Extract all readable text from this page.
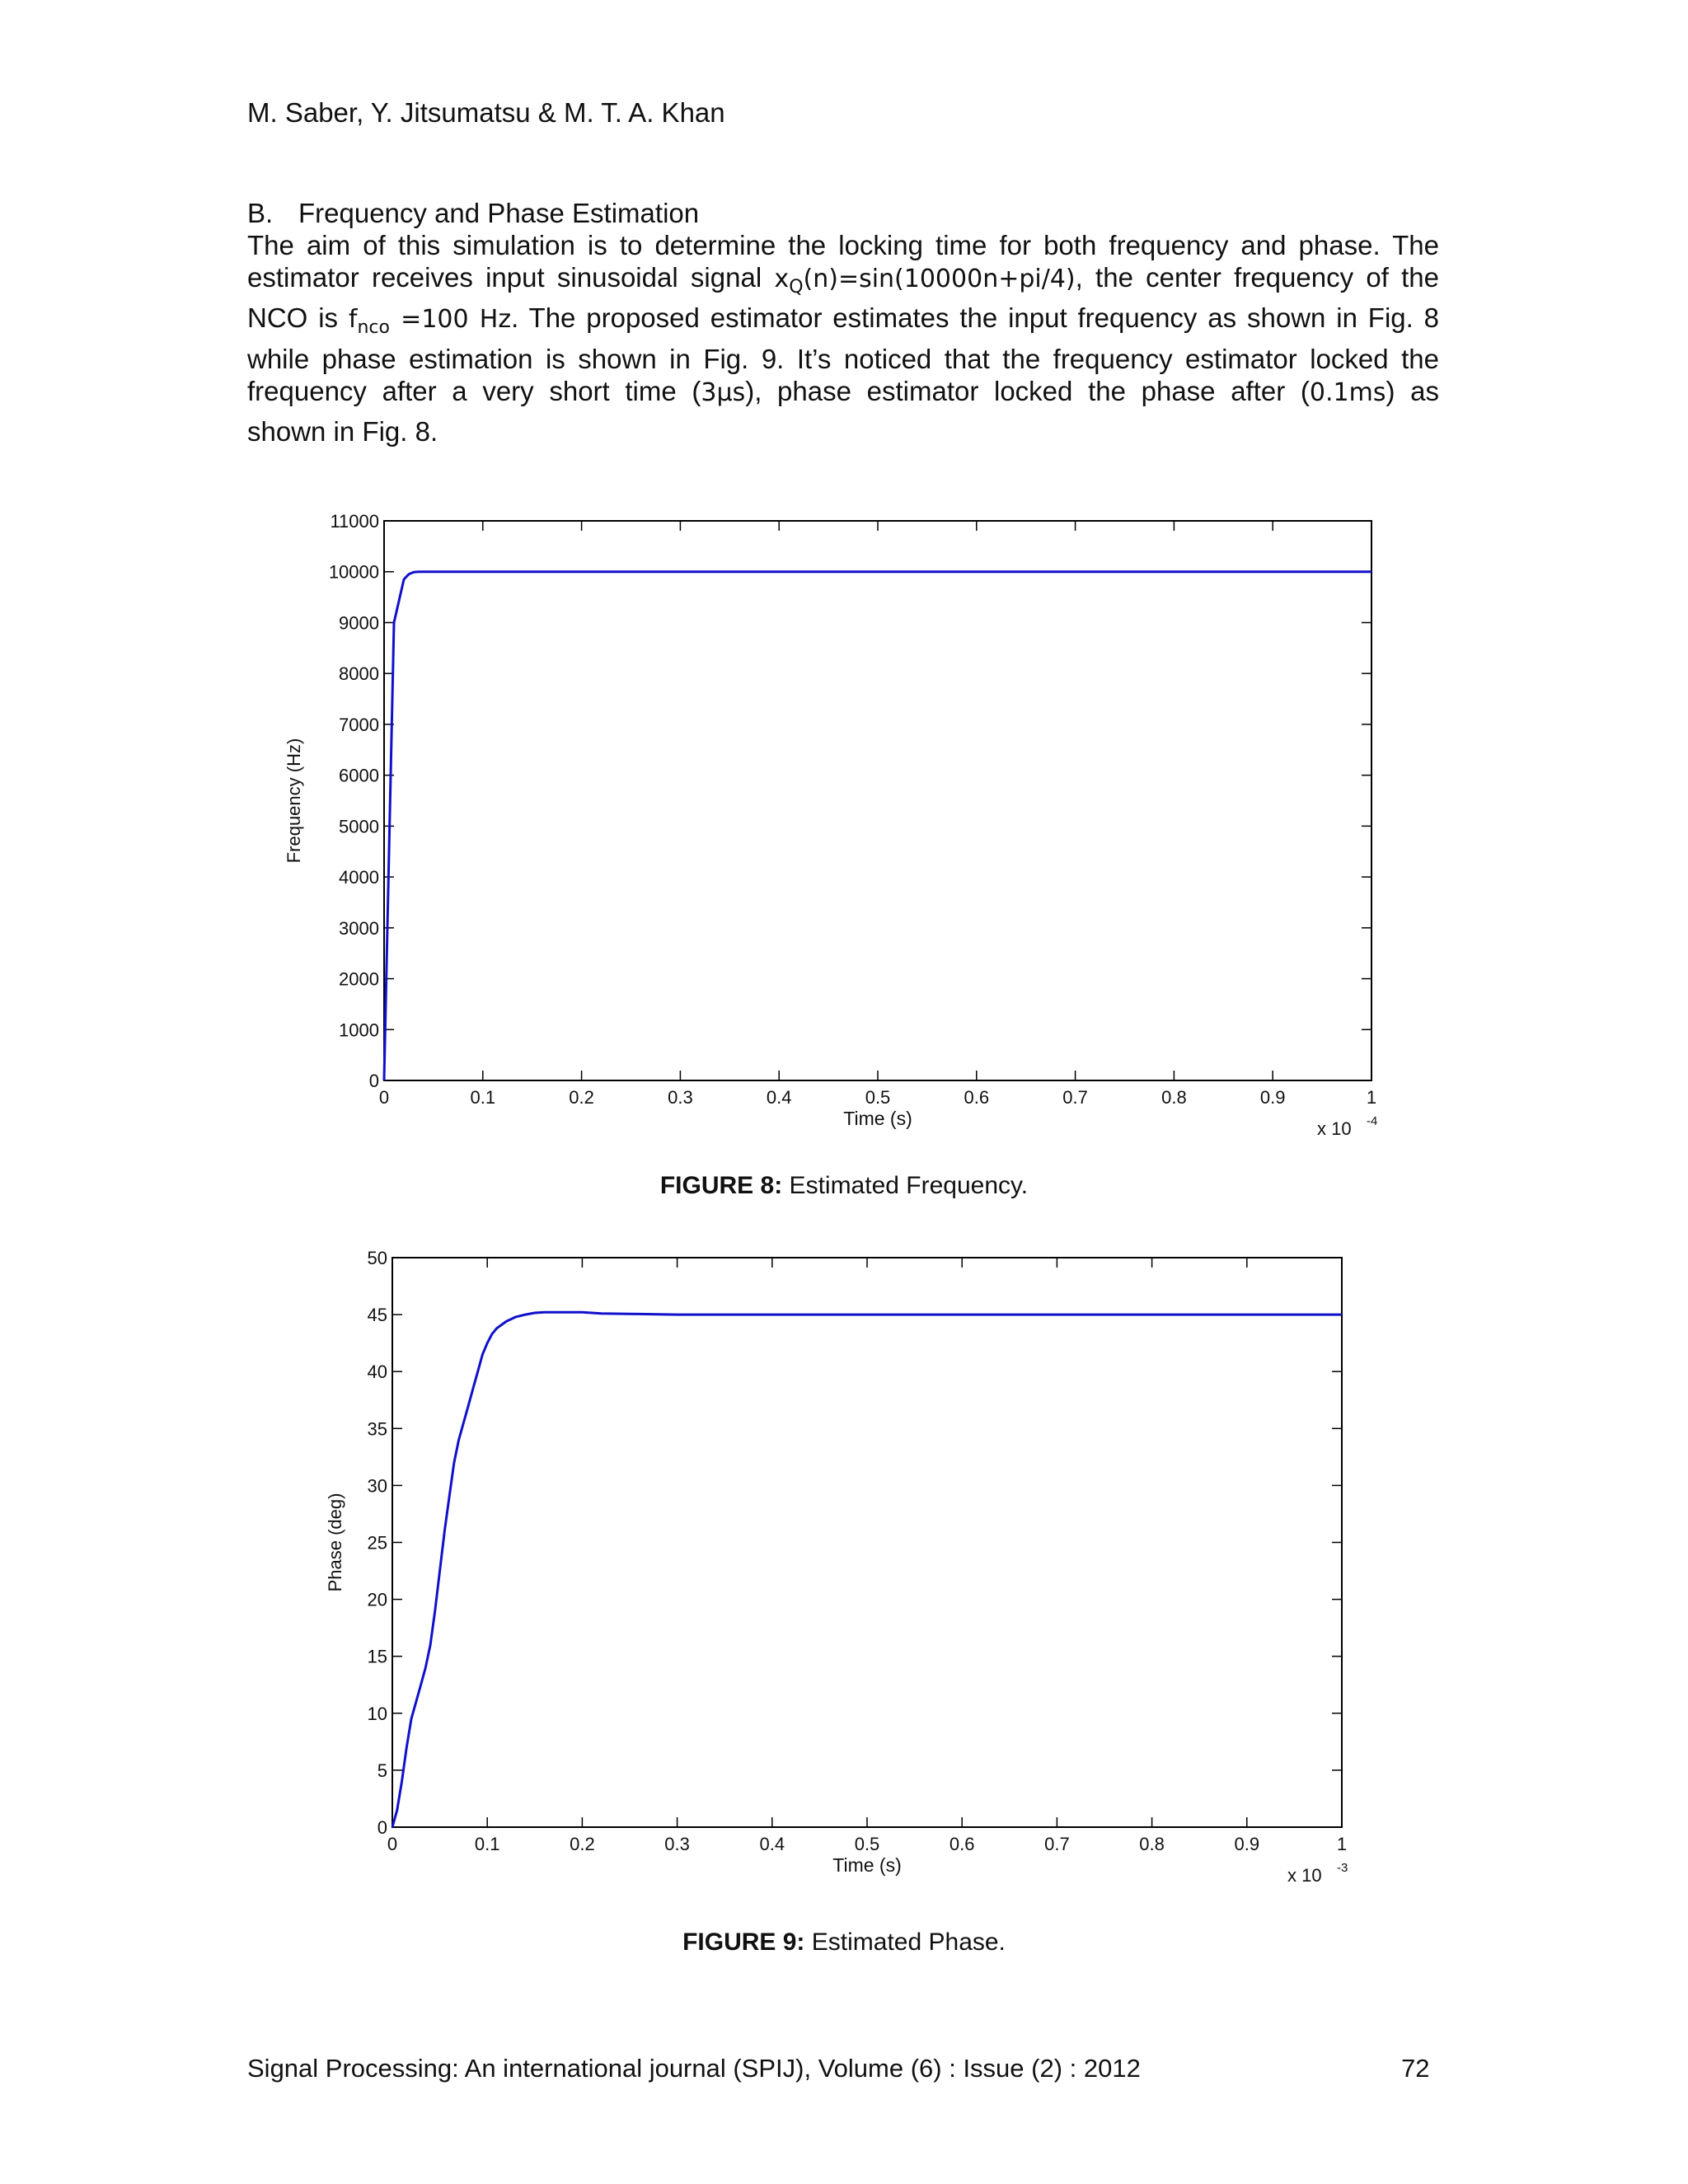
M. Saber, Y. Jitsumatsu & M. T. A. Khan
B. Frequency and Phase Estimation
The aim of this simulation is to determine the locking time for both frequency and phase. The
estimator receives input sinusoidal signal $x_Q(n)=\sin(10000n+pi/4)$, the center frequency of the
NCO is $f_{nco} =100$ Hz. The proposed estimator estimates the input frequency as shown in Fig. 8
while phase estimation is shown in Fig. 9. It’s noticed that the frequency estimator locked the
frequency after a very short time (3μs), phase estimator locked the phase after (0.1ms) as
shown in Fig. 8.
0	0.1	0.2	0.3	0.4	0.5	0.6	0.7	0.8	0.9	1
0
1000
2000
3000
4000
5000
6000
7000
8000
9000
10000
11000
Time (s)
Frequency (Hz)
x 10 -4
FIGURE 8: Estimated Frequency.
0	0.1	0.2	0.3	0.4	0.5	0.6	0.7	0.8	0.9	1
0
5
10
15
20
25
30
35
40
45
50
Time (s)
Phase (deg)
x 10 -3
FIGURE 9: Estimated Phase.
Signal Processing: An international journal (SPIJ), Volume (6) : Issue (2) : 2012	72
